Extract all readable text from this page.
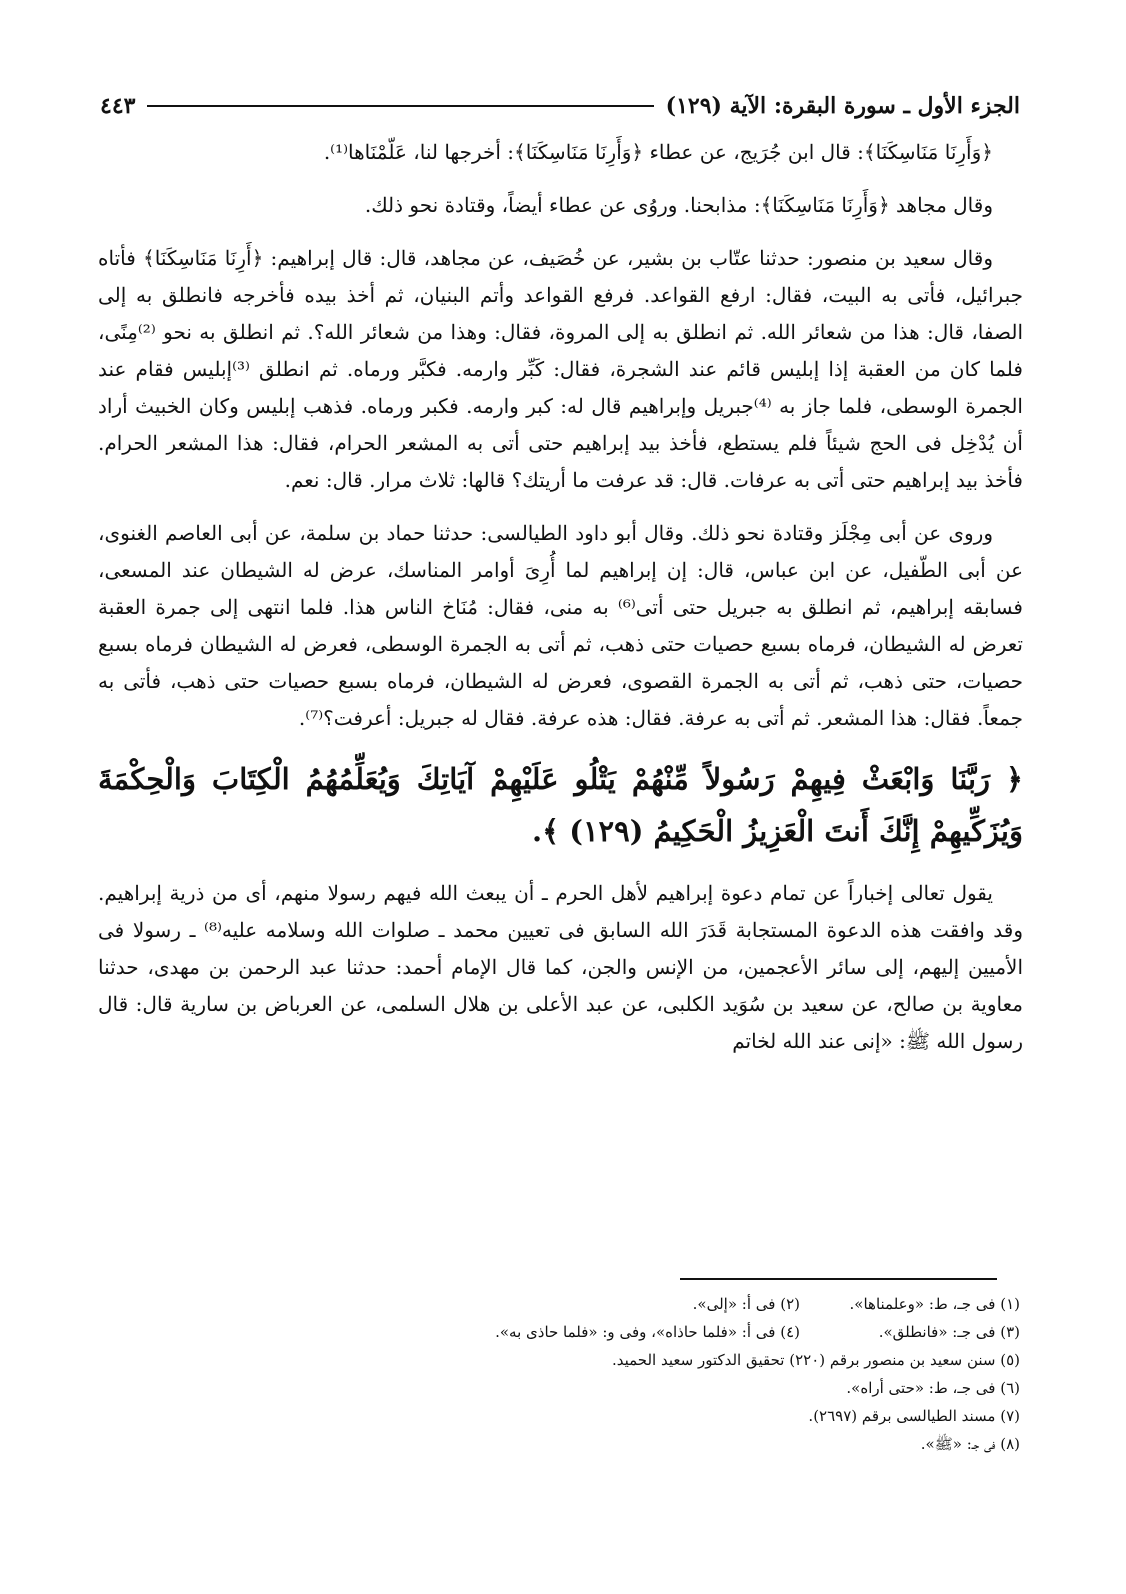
الجزء الأول ـ سورة البقرة: الآية (١٢٩)
٤٤٣

﴿وَأَرِنَا مَنَاسِكَنَا﴾: قال ابن جُرَيج، عن عطاء ﴿وَأَرِنَا مَنَاسِكَنَا﴾: أخرجها لنا، عَلّمْنَاها⁽¹⁾.

وقال مجاهد ﴿وَأَرِنَا مَنَاسِكَنَا﴾: مذابحنا. وروُى عن عطاء أيضاً، وقتادة نحو ذلك.

وقال سعيد بن منصور: حدثنا عتّاب بن بشير، عن خُصَيف، عن مجاهد، قال: قال إبراهيم: ﴿أَرِنَا مَنَاسِكَنَا﴾ فأتاه جبرائيل، فأتى به البيت، فقال: ارفع القواعد. فرفع القواعد وأتم البنيان، ثم أخذ بيده فأخرجه فانطلق به إلى الصفا، قال: هذا من شعائر الله. ثم انطلق به إلى المروة، فقال: وهذا من شعائر الله؟. ثم انطلق به نحو ⁽²⁾مِنًى، فلما كان من العقبة إذا إبليس قائم عند الشجرة، فقال: كَبِّر وارمه. فكبَّر ورماه. ثم انطلق ⁽³⁾إبليس فقام عند الجمرة الوسطى، فلما جاز به ⁽⁴⁾جبريل وإبراهيم قال له: كبر وارمه. فكبر ورماه. فذهب إبليس وكان الخبيث أراد أن يُدْخِل فى الحج شيئاً فلم يستطع، فأخذ بيد إبراهيم حتى أتى به المشعر الحرام، فقال: هذا المشعر الحرام. فأخذ بيد إبراهيم حتى أتى به عرفات. قال: قد عرفت ما أريتك؟ قالها: ثلاث مرار. قال: نعم.

وروى عن أبى مِجْلَز وقتادة نحو ذلك. وقال أبو داود الطيالسى: حدثنا حماد بن سلمة، عن أبى العاصم الغنوى، عن أبى الطّفيل، عن ابن عباس، قال: إن إبراهيم لما أُرِىَ أوامر المناسك، عرض له الشيطان عند المسعى، فسابقه إبراهيم، ثم انطلق به جبريل حتى أتى⁽⁶⁾ به منى، فقال: مُنَاخ الناس هذا. فلما انتهى إلى جمرة العقبة تعرض له الشيطان، فرماه بسبع حصيات حتى ذهب، ثم أتى به الجمرة الوسطى، فعرض له الشيطان فرماه بسبع حصيات، حتى ذهب، ثم أتى به الجمرة القصوى، فعرض له الشيطان، فرماه بسبع حصيات حتى ذهب، فأتى به جمعاً. فقال: هذا المشعر. ثم أتى به عرفة. فقال: هذه عرفة. فقال له جبريل: أعرفت؟⁽⁷⁾.

﴿ رَبَّنَا وَابْعَثْ فِيهِمْ رَسُولاً مِّنْهُمْ يَتْلُو عَلَيْهِمْ آيَاتِكَ وَيُعَلِّمُهُمُ الْكِتَابَ وَالْحِكْمَةَ وَيُزَكِّيهِمْ إِنَّكَ أَنتَ الْعَزِيزُ الْحَكِيمُ (١٢٩) ﴾.

يقول تعالى إخباراً عن تمام دعوة إبراهيم لأهل الحرم ـ أن يبعث الله فيهم رسولا منهم، أى من ذرية إبراهيم. وقد وافقت هذه الدعوة المستجابة قَدَرَ الله السابق فى تعيين محمد ـ صلوات الله وسلامه عليه⁽⁸⁾ ـ رسولا فى الأميين إليهم، إلى سائر الأعجمين، من الإنس والجن، كما قال الإمام أحمد: حدثنا عبد الرحمن بن مهدى، حدثنا معاوية بن صالح، عن سعيد بن سُوَيد الكلبى، عن عبد الأعلى بن هلال السلمى، عن العرباض بن سارية قال: قال رسول الله ﷺ: «إنى عند الله لخاتم

(١) فى جـ، ط: «وعلمناها».
(٢) فى أ: «إلى».
(٣) فى جـ: «فانطلق».
(٤) فى أ: «فلما حاذاه»، وفى و: «فلما حاذى به».
(٥) سنن سعيد بن منصور برقم (٢٢٠) تحقيق الدكتور سعيد الحميد.
(٦) فى جـ، ط: «حتى أراه».
(٧) مسند الطيالسى برقم (٢٦٩٧).
(٨) فى جـ: «ﷺ».
